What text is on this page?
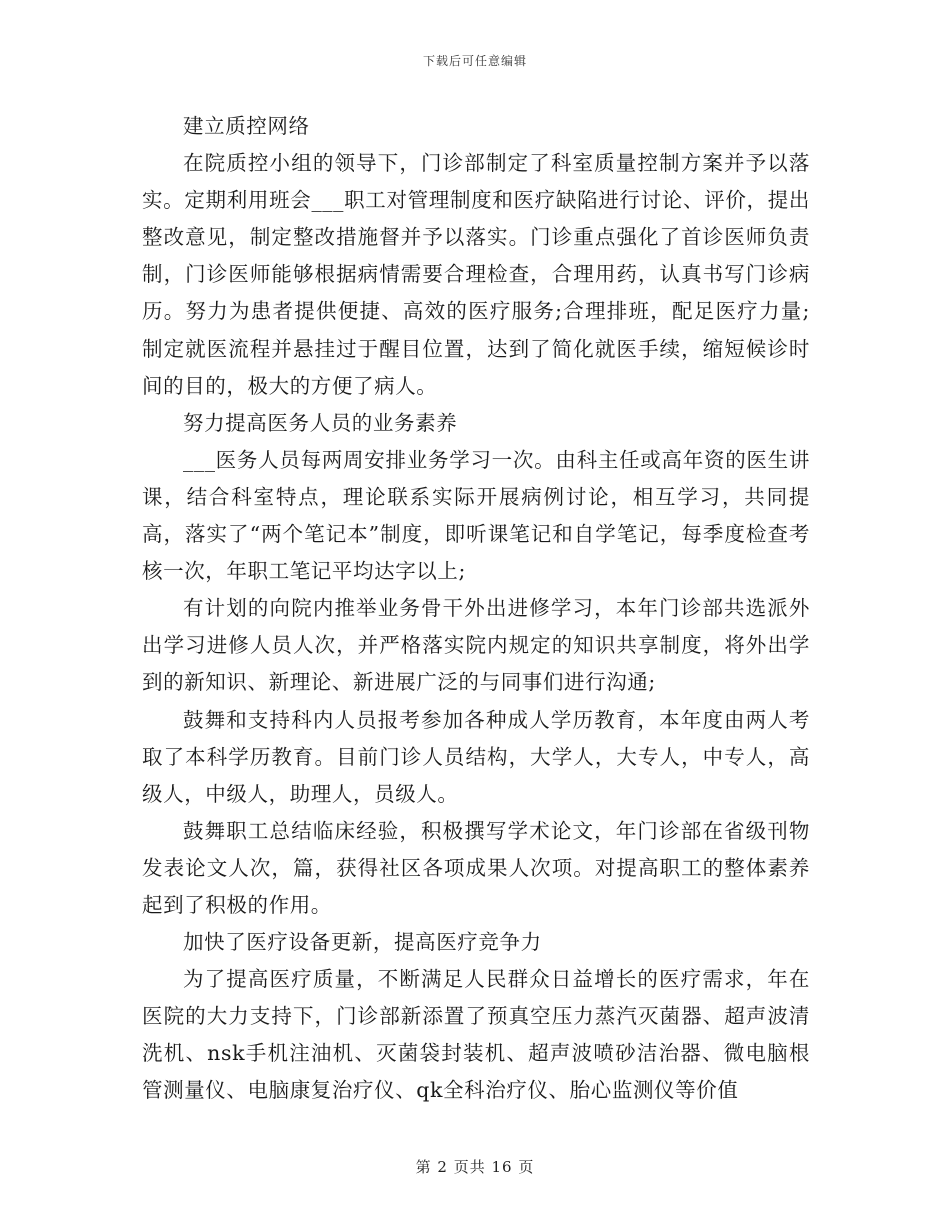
下载后可任意编辑

建立质控网络

在院质控小组的领导下，门诊部制定了科室质量控制方案并予以落实。定期利用班会___职工对管理制度和医疗缺陷进行讨论、评价，提出整改意见，制定整改措施督并予以落实。门诊重点强化了首诊医师负责制，门诊医师能够根据病情需要合理检查，合理用药，认真书写门诊病历。努力为患者提供便捷、高效的医疗服务;合理排班，配足医疗力量;制定就医流程并悬挂过于醒目位置，达到了简化就医手续，缩短候诊时间的目的，极大的方便了病人。

努力提高医务人员的业务素养

___医务人员每两周安排业务学习一次。由科主任或高年资的医生讲课，结合科室特点，理论联系实际开展病例讨论，相互学习，共同提高，落实了“两个笔记本”制度，即听课笔记和自学笔记，每季度检查考核一次，年职工笔记平均达字以上;

有计划的向院内推举业务骨干外出进修学习，本年门诊部共选派外出学习进修人员人次，并严格落实院内规定的知识共享制度，将外出学到的新知识、新理论、新进展广泛的与同事们进行沟通;

鼓舞和支持科内人员报考参加各种成人学历教育，本年度由两人考取了本科学历教育。目前门诊人员结构，大学人，大专人，中专人，高级人，中级人，助理人，员级人。

鼓舞职工总结临床经验，积极撰写学术论文，年门诊部在省级刊物发表论文人次，篇，获得社区各项成果人次项。对提高职工的整体素养起到了积极的作用。

加快了医疗设备更新，提高医疗竞争力

为了提高医疗质量，不断满足人民群众日益增长的医疗需求，年在医院的大力支持下，门诊部新添置了预真空压力蒸汽灭菌器、超声波清洗机、nsk手机注油机、灭菌袋封装机、超声波喷砂洁治器、微电脑根管测量仪、电脑康复治疗仪、qk全科治疗仪、胎心监测仪等价值

第 2 页共 16 页
